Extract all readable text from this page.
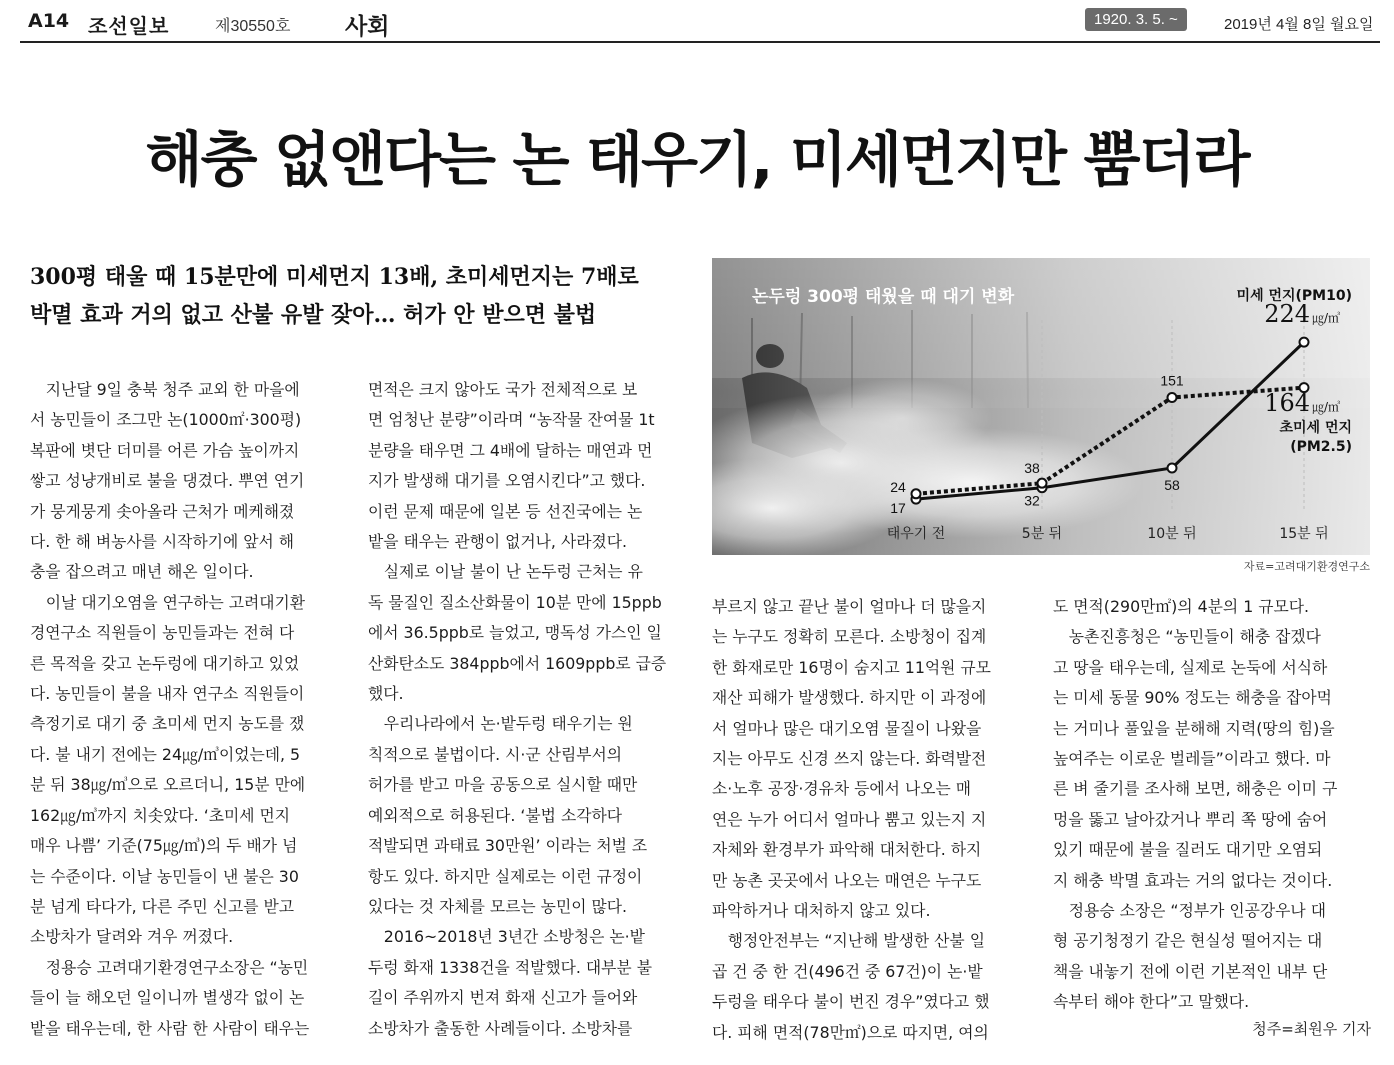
A14 조선일보	제30550호 사회	1920. 3. 5. ~	2019년 4월 8일 월요일
해충 없앤다는 논 태우기, 미세먼지만 뿜더라
300평 태울 때 15분만에 미세먼지 13배, 초미세먼지는 7배로
박멸 효과 거의 없고 산불 유발 잦아… 허가 안 받으면 불법

　지난달 9일 충북 청주 교외 한 마을에
서 농민들이 조그만 논(1000㎡·300평)
복판에 볏단 더미를 어른 가슴 높이까지
쌓고 성냥개비로 불을 댕겼다. 뿌연 연기
가 뭉게뭉게 솟아올라 근처가 메케해졌
다. 한 해 벼농사를 시작하기에 앞서 해
충을 잡으려고 매년 해온 일이다.

　이날 대기오염을 연구하는 고려대기환
경연구소 직원들이 농민들과는 전혀 다
른 목적을 갖고 논두렁에 대기하고 있었
다. 농민들이 불을 내자 연구소 직원들이
측정기로 대기 중 초미세 먼지 농도를 쟀
다. 불 내기 전에는 24㎍/㎥이었는데, 5
분 뒤 38㎍/㎥으로 오르더니, 15분 만에
162㎍/㎥까지 치솟았다. ‘초미세 먼지
매우 나쁨’ 기준(75㎍/㎥)의 두 배가 넘
는 수준이다. 이날 농민들이 낸 불은 30
분 넘게 타다가, 다른 주민 신고를 받고
소방차가 달려와 겨우 꺼졌다.

　정용승 고려대기환경연구소장은 “농민
들이 늘 해오던 일이니까 별생각 없이 논
밭을 태우는데, 한 사람 한 사람이 태우는

면적은 크지 않아도 국가 전체적으로 보
면 엄청난 분량”이라며 “농작물 잔여물 1t
분량을 태우면 그 4배에 달하는 매연과 먼
지가 발생해 대기를 오염시킨다”고 했다.
이런 문제 때문에 일본 등 선진국에는 논
밭을 태우는 관행이 없거나, 사라졌다.

　실제로 이날 불이 난 논두렁 근처는 유
독 물질인 질소산화물이 10분 만에 15ppb
에서 36.5ppb로 늘었고, 맹독성 가스인 일
산화탄소도 384ppb에서 1609ppb로 급증
했다.

　우리나라에서 논·밭두렁 태우기는 원
칙적으로 불법이다. 시·군 산림부서의
허가를 받고 마을 공동으로 실시할 때만
예외적으로 허용된다. ‘불법 소각하다
적발되면 과태료 30만원’ 이라는 처벌 조
항도 있다. 하지만 실제로는 이런 규정이
있다는 것 자체를 모르는 농민이 많다.

　2016~2018년 3년간 소방청은 논·밭
두렁 화재 1338건을 적발했다. 대부분 불
길이 주위까지 번져 화재 신고가 들어와
소방차가 출동한 사례들이다. 소방차를

부르지 않고 끝난 불이 얼마나 더 많을지
는 누구도 정확히 모른다. 소방청이 집계
한 화재로만 16명이 숨지고 11억원 규모
재산 피해가 발생했다. 하지만 이 과정에
서 얼마나 많은 대기오염 물질이 나왔을
지는 아무도 신경 쓰지 않는다. 화력발전
소·노후 공장·경유차 등에서 나오는 매
연은 누가 어디서 얼마나 뿜고 있는지 지
자체와 환경부가 파악해 대처한다. 하지
만 농촌 곳곳에서 나오는 매연은 누구도
파악하거나 대처하지 않고 있다.

　행정안전부는 “지난해 발생한 산불 일
곱 건 중 한 건(496건 중 67건)이 논·밭
두렁을 태우다 불이 번진 경우”였다고 했
다. 피해 면적(78만㎡)으로 따지면, 여의

도 면적(290만㎡)의 4분의 1 규모다.

　농촌진흥청은 “농민들이 해충 잡겠다
고 땅을 태우는데, 실제로 논둑에 서식하
는 미세 동물 90% 정도는 해충을 잡아먹
는 거미나 풀잎을 분해해 지력(땅의 힘)을
높여주는 이로운 벌레들”이라고 했다. 마
른 벼 줄기를 조사해 보면, 해충은 이미 구
멍을 뚫고 날아갔거나 뿌리 쪽 땅에 숨어
있기 때문에 불을 질러도 대기만 오염되
지 해충 박멸 효과는 거의 없다는 것이다.

　정용승 소장은 “정부가 인공강우나 대
형 공기청정기 같은 현실성 떨어지는 대
책을 내놓기 전에 이런 기본적인 내부 단
속부터 해야 한다”고 말했다.

청주=최원우 기자
태우기 전	5분 뒤	10분 뒤	15분 뒤
24
17
38
32
151
58
미세 먼지(PM10)
224 ㎍/㎥
164 ㎍/㎥
초미세 먼지
(PM2.5)
논두렁 300평 태웠을 때 대기 변화
자료=고려대기환경연구소
